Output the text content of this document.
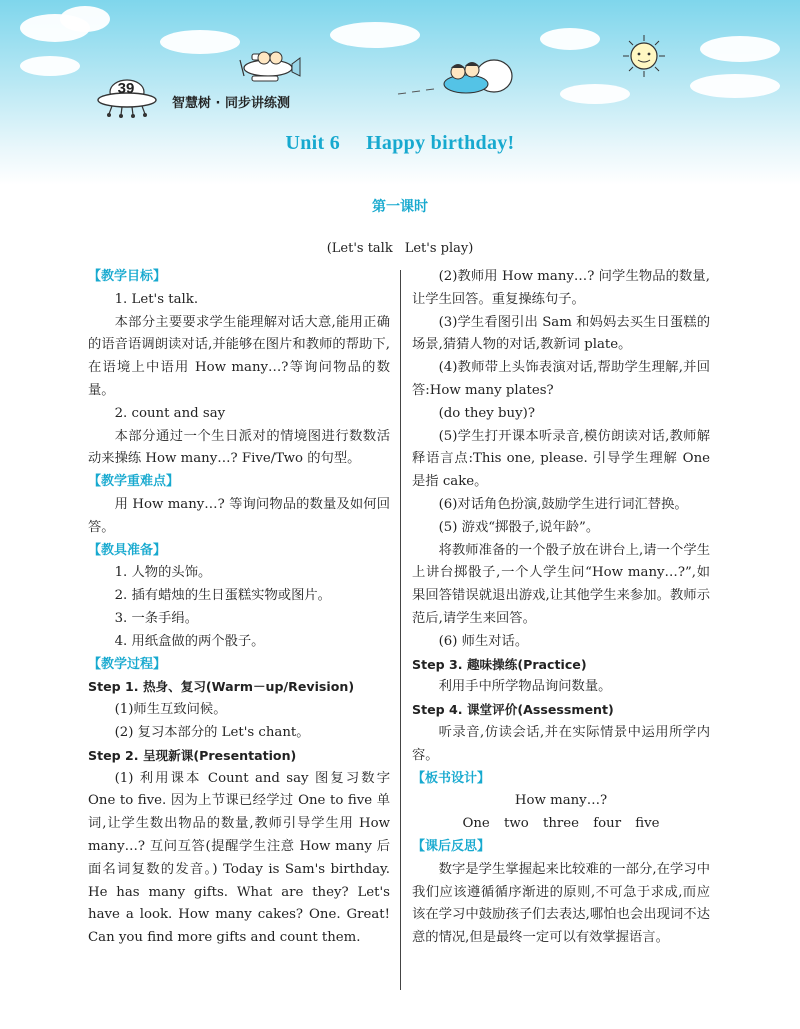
39
智慧树 · 同步讲练测
Unit 6 Happy birthday!
第一课时
(Let's talk Let's play)

【教学目标】

1. Let's talk.

本部分主要要求学生能理解对话大意,能用正确的语音语调朗读对话,并能够在图片和教师的帮助下,在语境上中语用 How many…?等询问物品的数量。

2. count and say

本部分通过一个生日派对的情境图进行数数活动来操练 How many…? Five/Two 的句型。

【教学重难点】

用 How many…? 等询问物品的数量及如何回答。

【教具准备】

1. 人物的头饰。

2. 插有蜡烛的生日蛋糕实物或图片。

3. 一条手绢。

4. 用纸盒做的两个骰子。

【教学过程】

Step 1. 热身、复习(Warm－up/Revision)

(1)师生互致问候。

(2) 复习本部分的 Let's chant。

Step 2. 呈现新课(Presentation)

(1) 利用课本 Count and say 图复习数字 One to five. 因为上节课已经学过 One to five 单词,让学生数出物品的数量,教师引导学生用 How many…? 互问互答(提醒学生注意 How many 后面名词复数的发音。) Today is Sam's birthday. He has many gifts. What are they? Let's have a look. How many cakes? One. Great! Can you find more gifts and count them.

(2)教师用 How many…? 问学生物品的数量,让学生回答。重复操练句子。

(3)学生看图引出 Sam 和妈妈去买生日蛋糕的场景,猜猜人物的对话,教新词 plate。

(4)教师带上头饰表演对话,帮助学生理解,并回答:How many plates?

(do they buy)?

(5)学生打开课本听录音,模仿朗读对话,教师解释语言点:This one, please. 引导学生理解 One 是指 cake。

(6)对话角色扮演,鼓励学生进行词汇替换。

(5) 游戏“掷骰子,说年龄”。

将教师准备的一个骰子放在讲台上,请一个学生上讲台掷骰子,一个人学生问“How many…?”,如果回答错误就退出游戏,让其他学生来参加。教师示范后,请学生来回答。

(6) 师生对话。

Step 3. 趣味操练(Practice)

利用手中所学物品询问数量。

Step 4. 课堂评价(Assessment)

听录音,仿读会话,并在实际情景中运用所学内容。

【板书设计】

How many…?

One two three four five

【课后反思】

数字是学生掌握起来比较难的一部分,在学习中我们应该遵循循序渐进的原则,不可急于求成,而应该在学习中鼓励孩子们去表达,哪怕也会出现词不达意的情况,但是最终一定可以有效掌握语言。
